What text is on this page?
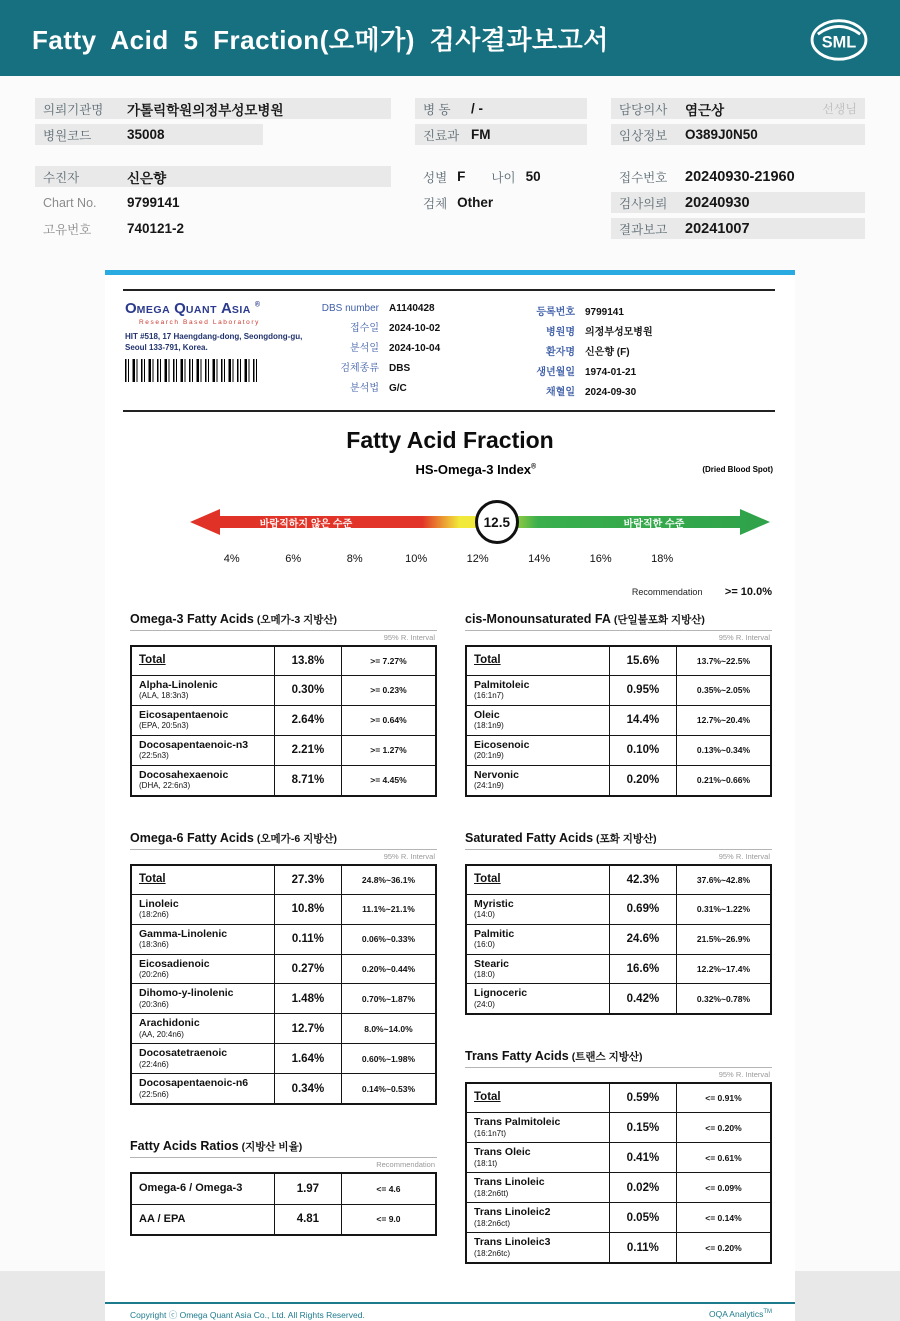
Fatty Acid 5 Fraction(오메가) 검사결과보고서	SML
의뢰기관명	가톨릭학원의정부성모병원
병원코드	35008
수진자	신은향
Chart No.	9799141
고유번호	740121-2
병 동	/ -
진료과 FM
성별 F 나이 50
검체 Other
담당의사	염근상	선생님
임상정보	O389J0N50
접수번호	20240930-21960
검사의뢰	20240930
결과보고	20241007
OMEGA QUANT ASIA ®
Research Based Laboratory
HIT #518, 17 Haengdang-dong, Seongdong-gu,
Seoul 133-791, Korea.
DBS number	A1140428
접수일	2024-10-02
분석일	2024-10-04
검체종류	DBS
분석법	G/C
등록번호	9799141
병원명	의정부성모병원
환자명	신은향 (F)
생년월일	1974-01-21
채혈일	2024-09-30
Fatty Acid Fraction
HS-Omega-3 Index®	(Dried Blood Spot)
바람직하지 않은 수준	바람직한 수준
12.5
4%	6%	8%	10%	12%	14%	16%	18%
Recommendation >= 10.0%
Omega-3 Fatty Acids (오메가-3 지방산)
95% R. Interval
Total	13.8%	>= 7.27%

Alpha-Linolenic
(ALA, 18:3n3)	0.30%	>= 0.23%

Eicosapentaenoic
(EPA, 20:5n3)	2.64%	>= 0.64%

Docosapentaenoic-n3
(22:5n3)	2.21%	>= 1.27%

Docosahexaenoic
(DHA, 22:6n3)	8.71%	>= 4.45%
Omega-6 Fatty Acids (오메가-6 지방산)
95% R. Interval
Total	27.3%	24.8%~36.1%

Linoleic
(18:2n6)	10.8%	11.1%~21.1%

Gamma-Linolenic
(18:3n6)	0.11%	0.06%~0.33%

Eicosadienoic
(20:2n6)	0.27%	0.20%~0.44%

Dihomo-y-linolenic
(20:3n6)	1.48%	0.70%~1.87%

Arachidonic
(AA, 20:4n6)	12.7%	8.0%~14.0%

Docosatetraenoic
(22:4n6)	1.64%	0.60%~1.98%

Docosapentaenoic-n6
(22:5n6)	0.34%	0.14%~0.53%
Fatty Acids Ratios (지방산 비율)
Recommendation
Omega-6 / Omega-3	1.97	<= 4.6

AA / EPA	4.81	<= 9.0
cis-Monounsaturated FA (단일불포화 지방산)
95% R. Interval
Total	15.6%	13.7%~22.5%

Palmitoleic
(16:1n7)	0.95%	0.35%~2.05%

Oleic
(18:1n9)	14.4%	12.7%~20.4%

Eicosenoic
(20:1n9)	0.10%	0.13%~0.34%

Nervonic
(24:1n9)	0.20%	0.21%~0.66%
Saturated Fatty Acids (포화 지방산)
95% R. Interval
Total	42.3%	37.6%~42.8%

Myristic
(14:0)	0.69%	0.31%~1.22%

Palmitic
(16:0)	24.6%	21.5%~26.9%

Stearic
(18:0)	16.6%	12.2%~17.4%

Lignoceric
(24:0)	0.42%	0.32%~0.78%
Trans Fatty Acids (트랜스 지방산)
95% R. Interval
Total	0.59%	<= 0.91%

Trans Palmitoleic
(16:1n7t)	0.15%	<= 0.20%

Trans Oleic
(18:1t)	0.41%	<= 0.61%

Trans Linoleic
(18:2n6tt)	0.02%	<= 0.09%

Trans Linoleic2
(18:2n6ct)	0.05%	<= 0.14%

Trans Linoleic3
(18:2n6tc)	0.11%	<= 0.20%
Copyright ⓒ Omega Quant Asia Co., Ltd. All Rights Reserved.	OQA Analytics™
